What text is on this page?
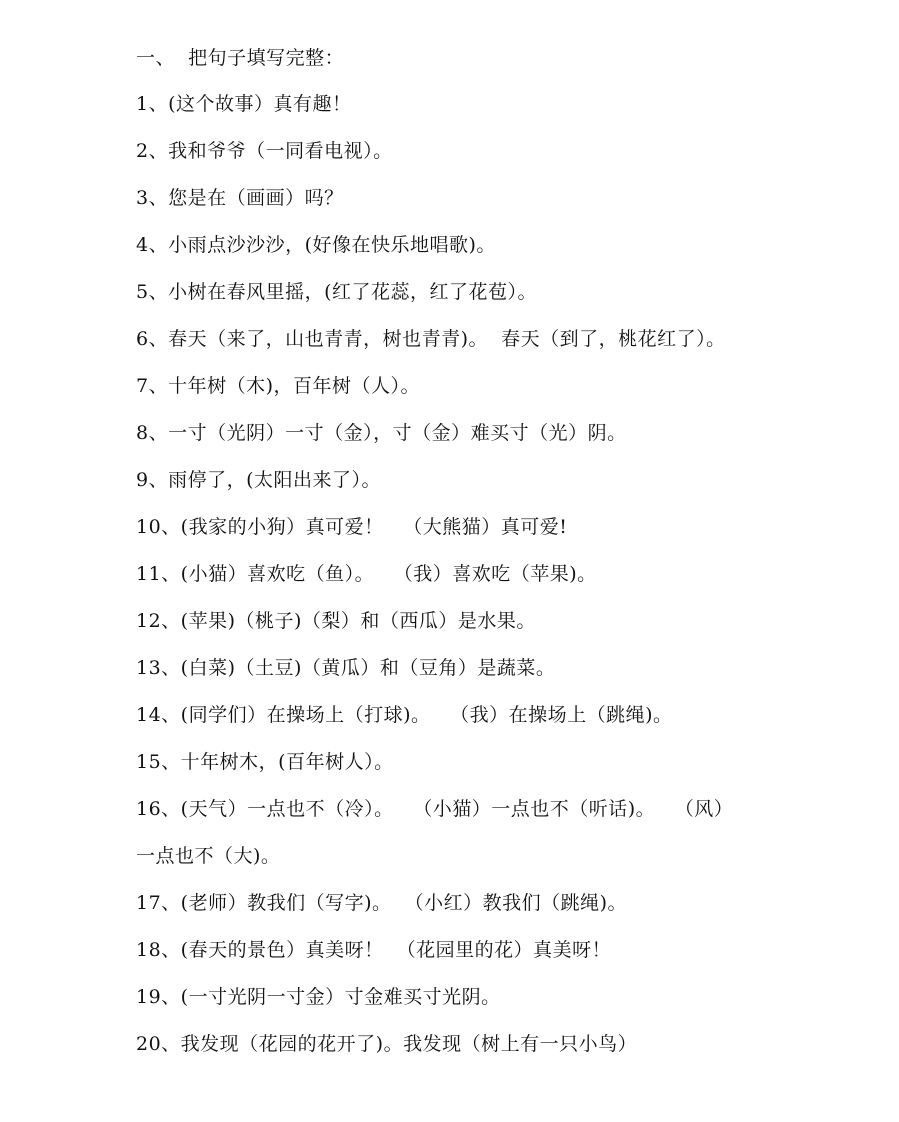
一、  把句子填写完整：
1、(这个故事）真有趣！
2、我和爷爷（一同看电视）。
3、您是在（画画）吗？
4、小雨点沙沙沙，(好像在快乐地唱歌)。
5、小树在春风里摇，(红了花蕊，红了花苞）。
6、春天（来了，山也青青，树也青青)。  春天（到了，桃花红了）。
7、十年树（木)，百年树（人）。
8、一寸（光阴）一寸（金），寸（金）难买寸（光）阴。
9、雨停了，(太阳出来了）。
10、(我家的小狗）真可爱！   （大熊猫）真可爱!
11、(小猫）喜欢吃（鱼）。   （我）喜欢吃（苹果)。
12、(苹果)（桃子)（梨）和（西瓜）是水果。
13、(白菜)（土豆)（黄瓜）和（豆角）是蔬菜。
14、(同学们）在操场上（打球)。   （我）在操场上（跳绳)。
15、十年树木，(百年树人）。
16、(天气）一点也不（冷）。   （小猫）一点也不（听话)。   （风）
一点也不（大)。
17、(老师）教我们（写字)。  （小红）教我们（跳绳)。
18、(春天的景色）真美呀！  （花园里的花）真美呀！
19、(一寸光阴一寸金）寸金难买寸光阴。
20、我发现（花园的花开了)。我发现（树上有一只小鸟）
